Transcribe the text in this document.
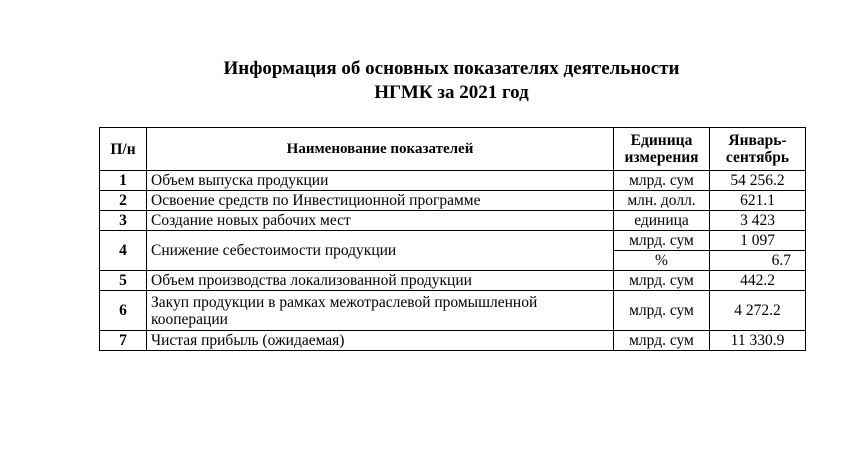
Информация об основных показателях деятельности
НГМК за 2021 год
П/н	Наименование показателей	Единица измерения	Январь-сентябрь
1	Объем выпуска продукции	млрд. сум	54 256.2
2	Освоение средств по Инвестиционной программе	млн. долл.	621.1
3	Создание новых рабочих мест	единица	3 423
4	Снижение себестоимости продукции	млрд. сум	1 097
		%	6.7
5	Объем производства локализованной продукции	млрд. сум	442.2
6	Закуп продукции в рамках межотраслевой промышленной кооперации	млрд. сум	4 272.2
7	Чистая прибыль (ожидаемая)	млрд. сум	11 330.9
